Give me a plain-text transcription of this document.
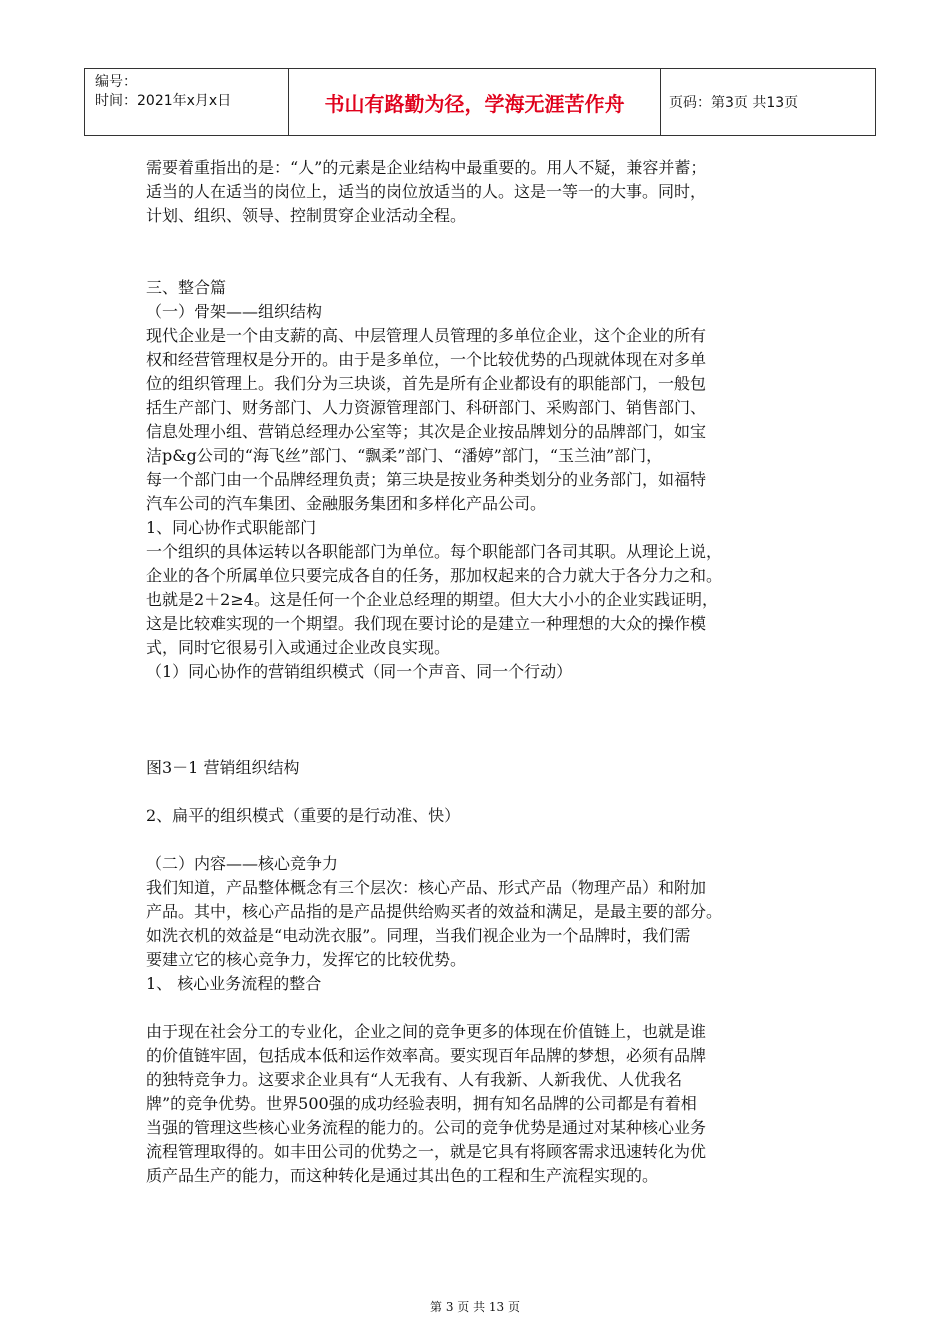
编号：
时间：2021年x月x日	书山有路勤为径，学海无涯苦作舟	页码：第3页 共13页

需要着重指出的是：“人”的元素是企业结构中最重要的。用人不疑，兼容并蓄；

适当的人在适当的岗位上，适当的岗位放适当的人。这是一等一的大事。同时，

计划、组织、领导、控制贯穿企业活动全程。

三、整合篇

（一）骨架——组织结构

现代企业是一个由支薪的高、中层管理人员管理的多单位企业，这个企业的所有

权和经营管理权是分开的。由于是多单位，一个比较优势的凸现就体现在对多单

位的组织管理上。我们分为三块谈，首先是所有企业都设有的职能部门，一般包

括生产部门、财务部门、人力资源管理部门、科研部门、采购部门、销售部门、

信息处理小组、营销总经理办公室等；其次是企业按品牌划分的品牌部门，如宝

洁p&g公司的“海飞丝”部门、“飘柔”部门、“潘婷”部门，“玉兰油”部门，

每一个部门由一个品牌经理负责；第三块是按业务种类划分的业务部门，如福特

汽车公司的汽车集团、金融服务集团和多样化产品公司。

1、同心协作式职能部门

一个组织的具体运转以各职能部门为单位。每个职能部门各司其职。从理论上说，

企业的各个所属单位只要完成各自的任务，那加权起来的合力就大于各分力之和。

也就是2＋2≥4。这是任何一个企业总经理的期望。但大大小小的企业实践证明，

这是比较难实现的一个期望。我们现在要讨论的是建立一种理想的大众的操作模

式，同时它很易引入或通过企业改良实现。

（1）同心协作的营销组织模式（同一个声音、同一个行动）

图3－1 营销组织结构

2、扁平的组织模式（重要的是行动准、快）

（二）内容——核心竞争力

我们知道，产品整体概念有三个层次：核心产品、形式产品（物理产品）和附加

产品。其中，核心产品指的是产品提供给购买者的效益和满足，是最主要的部分。

如洗衣机的效益是“电动洗衣服”。同理，当我们视企业为一个品牌时，我们需

要建立它的核心竞争力，发挥它的比较优势。

1、 核心业务流程的整合

由于现在社会分工的专业化，企业之间的竞争更多的体现在价值链上，也就是谁

的价值链牢固，包括成本低和运作效率高。要实现百年品牌的梦想，必须有品牌

的独特竞争力。这要求企业具有“人无我有、人有我新、人新我优、人优我名

牌”的竞争优势。世界500强的成功经验表明，拥有知名品牌的公司都是有着相

当强的管理这些核心业务流程的能力的。公司的竞争优势是通过对某种核心业务

流程管理取得的。如丰田公司的优势之一，就是它具有将顾客需求迅速转化为优

质产品生产的能力，而这种转化是通过其出色的工程和生产流程实现的。

第 3 页 共 13 页
